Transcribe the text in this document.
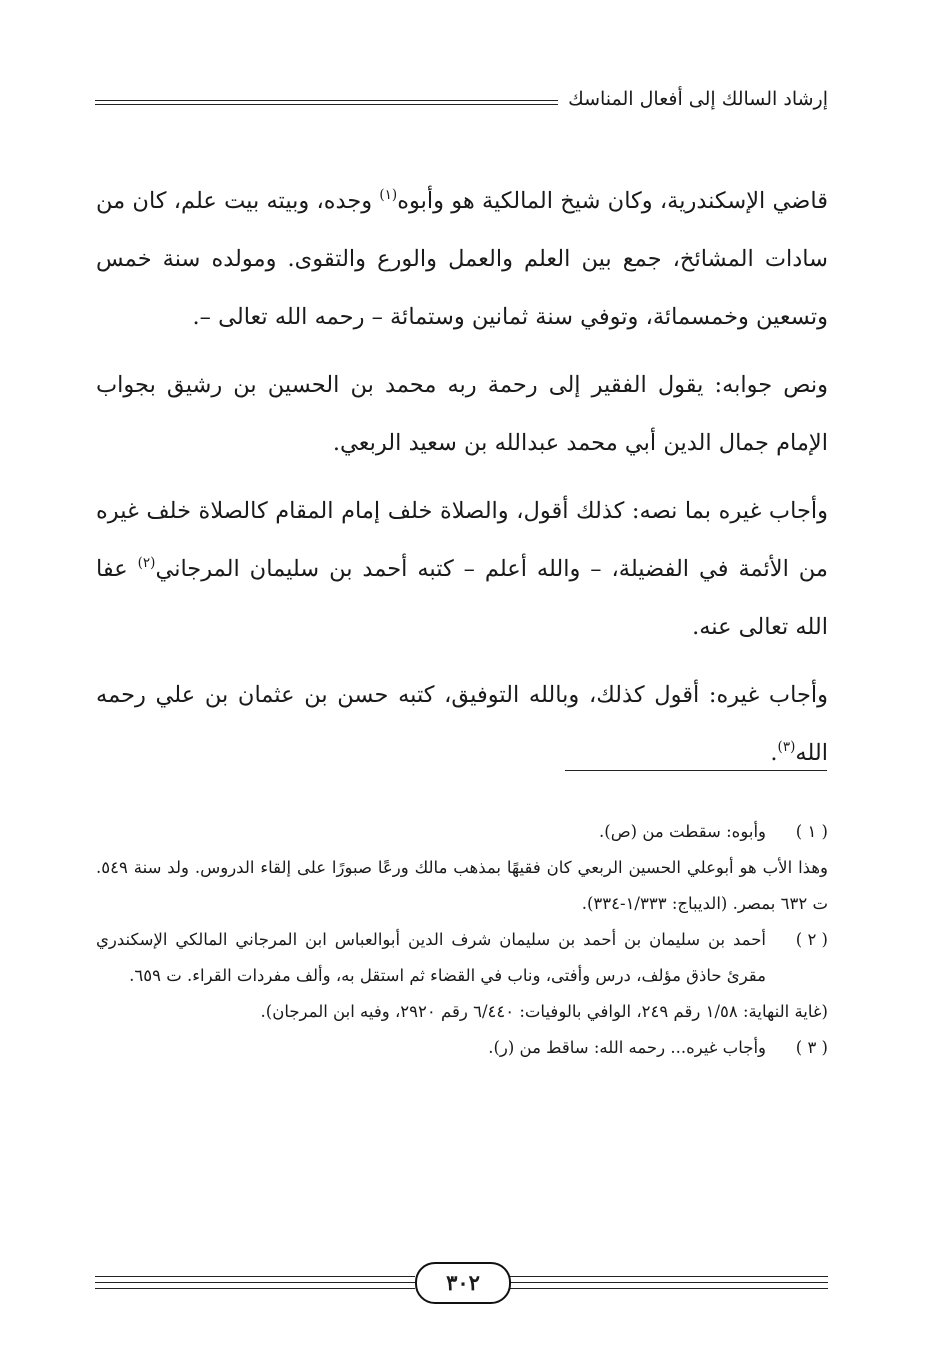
إرشاد السالك إلى أفعال المناسك

قاضي الإسكندرية، وكان شيخ المالكية هو وأبوه$^{(١)}$ وجده، وبيته بيت علم، كان من سادات المشائخ، جمع بين العلم والعمل والورع والتقوى. ومولده سنة خمس وتسعين وخمسمائة، وتوفي سنة ثمانين وستمائة – رحمه الله تعالى –.

ونص جوابه: يقول الفقير إلى رحمة ربه محمد بن الحسين بن رشيق بجواب الإمام جمال الدين أبي محمد عبدالله بن سعيد الربعي.

وأجاب غيره بما نصه: كذلك أقول، والصلاة خلف إمام المقام كالصلاة خلف غيره من الأئمة في الفضيلة، – والله أعلم – كتبه أحمد بن سليمان المرجاني$^{(٢)}$ عفا الله تعالى عنه.

وأجاب غيره: أقول كذلك، وبالله التوفيق، كتبه حسن بن عثمان بن علي رحمه الله$^{(٣)}$.

( ١ )

وأبوه: سقطت من (ص).

وهذا الأب هو أبوعلي الحسين الربعي كان فقيهًا بمذهب مالك ورعًا صبورًا على إلقاء الدروس. ولد سنة ٥٤٩. ت ٦٣٢ بمصر. (الديباج: ١/٣٣٣-٣٣٤).

( ٢ )

أحمد بن سليمان بن أحمد بن سليمان شرف الدين أبوالعباس ابن المرجاني المالكي الإسكندري مقرئ حاذق مؤلف، درس وأفتى، وناب في القضاء ثم استقل به، وألف مفردات القراء. ت ٦٥٩.

(غاية النهاية: ١/٥٨ رقم ٢٤٩، الوافي بالوفيات: ٦/٤٤٠ رقم ٢٩٢٠، وفيه ابن المرجان).

( ٣ )

وأجاب غيره... رحمه الله: ساقط من (ر).

٣٠٢
